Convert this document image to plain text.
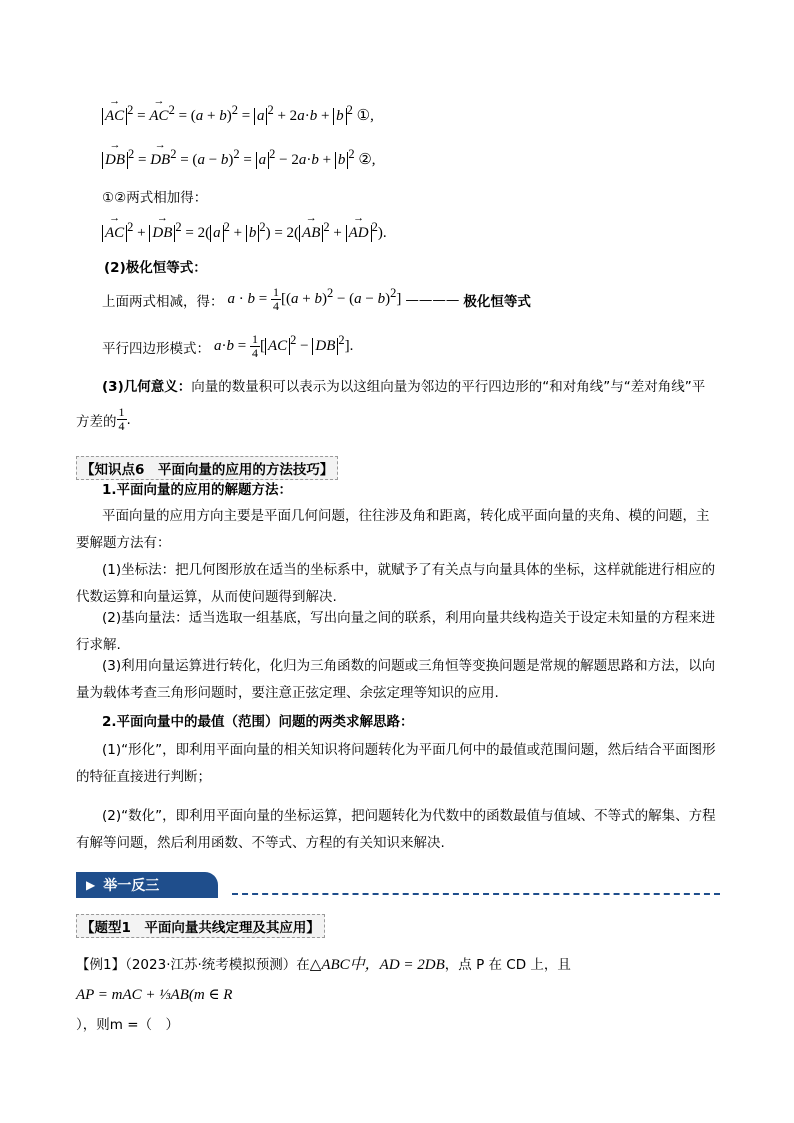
→ AC $^2$ = → $AC^2 = (a + b)^2 = a$ $^2$ + 2a·b + b $^2$ ①,
→ DB $^2$ = → $DB^2 = (a - b)^2 = a$ $^2$ − 2a·b + b $^2$ ②,
①②两式相加得：
→ AC $^2$ + → DB $^2$ = 2( a $^2$ + b $^2$) = 2(→ AB $^2$ + → AD $^2$).
(2)极化恒等式：
上面两式相减，得： $a \cdot b = \frac{1}{4} [(a + b)^2 - (a - b)^2]$ ———— 极化恒等式
平行四边形模式： $a\cdot b = \frac{1}{4}$ [ AC $^2$ − DB $^2$].
(3)几何意义：向量的数量积可以表示为以这组向量为邻边的平行四边形的“和对角线”与“差对角线”平
方差的 $\frac{1}{4}$ .
【知识点6　平面向量的应用的方法技巧】
1.平面向量的应用的解题方法：
平面向量的应用方向主要是平面几何问题，往往涉及角和距离，转化成平面向量的夹角、模的问题，主要解题方法有：
(1)坐标法：把几何图形放在适当的坐标系中，就赋予了有关点与向量具体的坐标，这样就能进行相应的代数运算和向量运算，从而使问题得到解决.
(2)基向量法：适当选取一组基底，写出向量之间的联系，利用向量共线构造关于设定未知量的方程来进行求解.
(3)利用向量运算进行转化，化归为三角函数的问题或三角恒等变换问题是常规的解题思路和方法，以向量为载体考查三角形问题时，要注意正弦定理、余弦定理等知识的应用.
2.平面向量中的最值（范围）问题的两类求解思路：
(1)“形化”，即利用平面向量的相关知识将问题转化为平面几何中的最值或范围问题，然后结合平面图形的特征直接进行判断；
(2)“数化”，即利用平面向量的坐标运算，把问题转化为代数中的函数最值与值域、不等式的解集、方程有解等问题，然后利用函数、不等式、方程的有关知识来解决.
▶ 举一反三
【题型1　平面向量共线定理及其应用】
【例1】（2023·江苏·统考模拟预测）在△ABC中，AD = 2DB，点 P 在 CD 上，且AP = mAC + ⅓AB(m ∈ R
），则m =（　）
